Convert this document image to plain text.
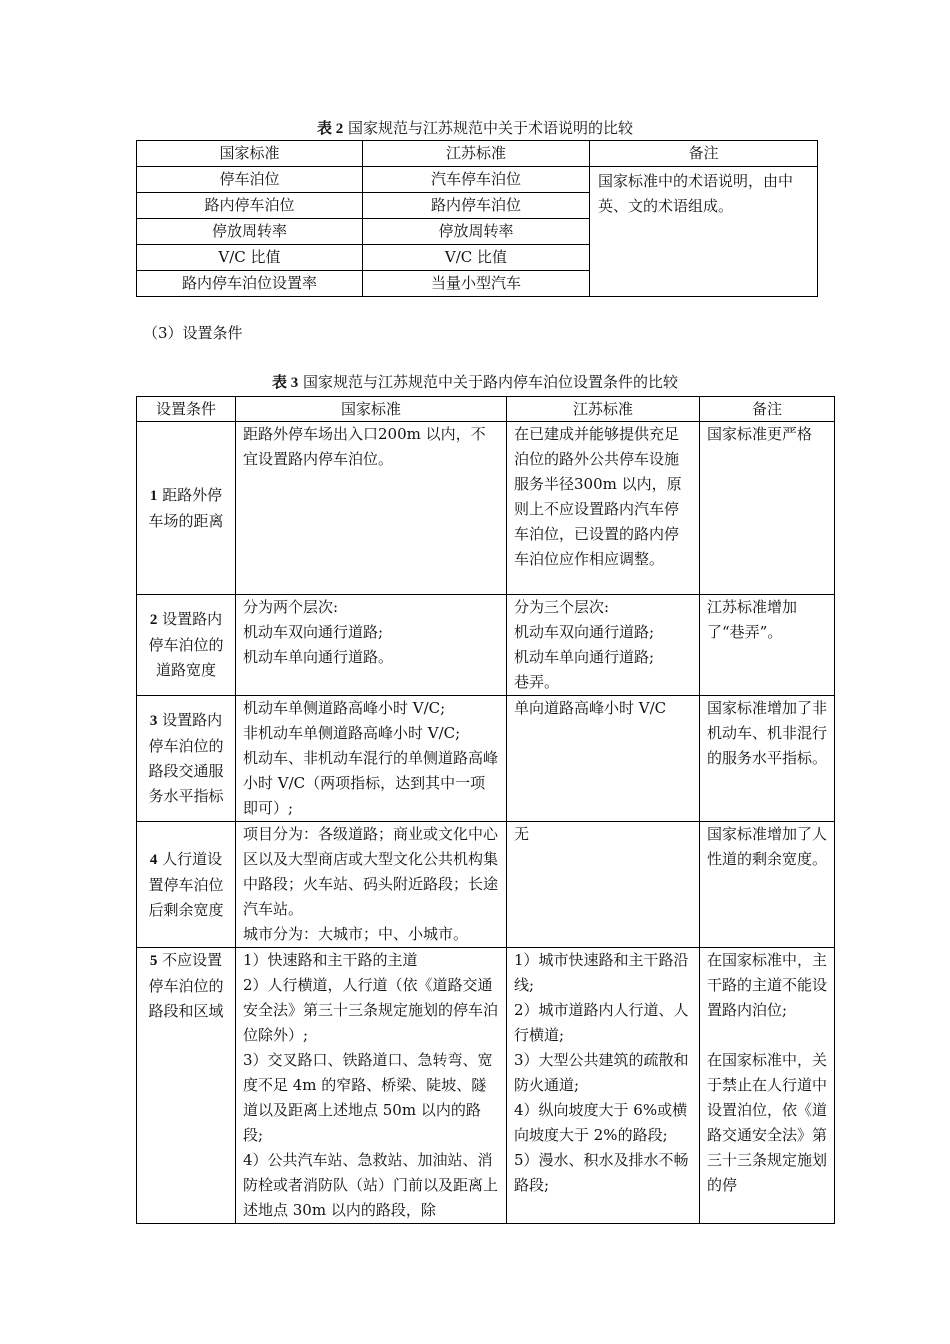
表 2 国家规范与江苏规范中关于术语说明的比较
国家标准	江苏标准	备注
停车泊位	汽车停车泊位	国家标准中的术语说明，由中英、文的术语组成。
路内停车泊位	路内停车泊位	
停放周转率	停放周转率	
V/C 比值	V/C 比值	
路内停车泊位设置率	当量小型汽车	
（3）设置条件
表 3 国家规范与江苏规范中关于路内停车泊位设置条件的比较
设置条件	国家标准	江苏标准	备注
1 距路外停车场的距离	距路外停车场出入口200m 以内，不宜设置路内停车泊位。	在已建成并能够提供充足泊位的路外公共停车设施服务半径300m 以内，原则上不应设置路内汽车停车泊位，已设置的路内停车泊位应作相应调整。	国家标准更严格
2 设置路内停车泊位的道路宽度	分为两个层次:
机动车双向通行道路;
机动车单向通行道路。	分为三个层次:
机动车双向通行道路;
机动车单向通行道路;
巷弄。	江苏标准增加了“巷弄”。
3 设置路内停车泊位的路段交通服务水平指标	机动车单侧道路高峰小时 V/C;
非机动车单侧道路高峰小时 V/C;
机动车、非机动车混行的单侧道路高峰小时 V/C（两项指标，达到其中一项即可）;	单向道路高峰小时 V/C	国家标准增加了非机动车、机非混行的服务水平指标。
4 人行道设置停车泊位后剩余宽度	项目分为：各级道路；商业或文化中心区以及大型商店或大型文化公共机构集中路段；火车站、码头附近路段；长途汽车站。
城市分为：大城市；中、小城市。	无	国家标准增加了人性道的剩余宽度。
5 不应设置停车泊位的路段和区域	1）快速路和主干路的主道
2）人行横道，人行道（依《道路交通安全法》第三十三条规定施划的停车泊位除外）;
3）交叉路口、铁路道口、急转弯、宽度不足 4m 的窄路、桥梁、陡坡、隧道以及距离上述地点 50m 以内的路段;
4）公共汽车站、急救站、加油站、消防栓或者消防队（站）门前以及距离上述地点 30m 以内的路段，除	1）城市快速路和主干路沿线;
2）城市道路内人行道、人行横道;
3）大型公共建筑的疏散和防火通道;
4）纵向坡度大于 6%或横向坡度大于 2%的路段;
5）漫水、积水及排水不畅路段;	在国家标准中，主干路的主道不能设置路内泊位;

在国家标准中，关于禁止在人行道中设置泊位，依《道路交通安全法》第三十三条规定施划的停
